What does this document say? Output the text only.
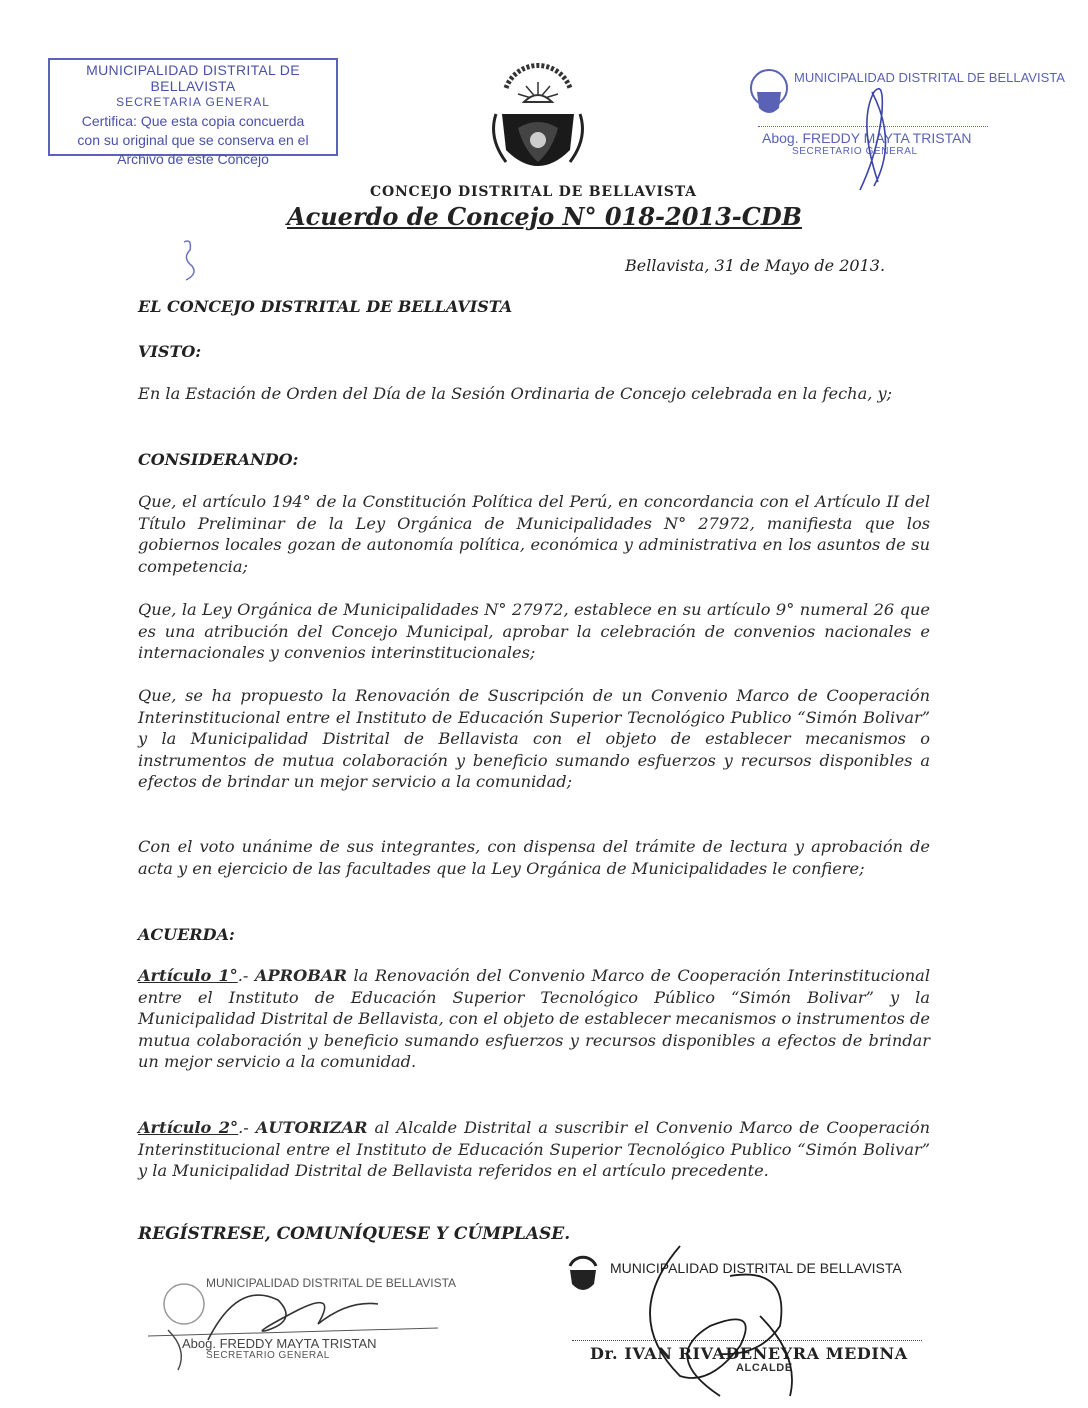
MUNICIPALIDAD DISTRITAL DE BELLAVISTA
SECRETARIA GENERAL
Certifica: Que esta copia concuerda
con su original que se conserva en el
Archivo de este Concejo
MUNICIPALIDAD DISTRITAL DE BELLAVISTA
Abog. FREDDY MAYTA TRISTAN
SECRETARIO GENERAL
CONCEJO DISTRITAL DE BELLAVISTA
Acuerdo de Concejo N° 018-2013-CDB
Bellavista, 31 de Mayo de 2013.
EL CONCEJO DISTRITAL DE BELLAVISTA
VISTO:
En la Estación de Orden del Día de la Sesión Ordinaria de Concejo celebrada en la fecha, y;
CONSIDERANDO:
Que, el artículo 194° de la Constitución Política del Perú, en concordancia con el Artículo II del Título Preliminar de la Ley Orgánica de Municipalidades N° 27972, manifiesta que los gobiernos locales gozan de autonomía política, económica y administrativa en los asuntos de su competencia;
Que, la Ley Orgánica de Municipalidades N° 27972, establece en su artículo 9° numeral 26 que es una atribución del Concejo Municipal, aprobar la celebración de convenios nacionales e internacionales y convenios interinstitucionales;
Que, se ha propuesto la Renovación de Suscripción de un Convenio Marco de Cooperación Interinstitucional entre el Instituto de Educación Superior Tecnológico Publico “Simón Bolivar” y la Municipalidad Distrital de Bellavista con el objeto de establecer mecanismos o instrumentos de mutua colaboración y beneficio sumando esfuerzos y recursos disponibles a efectos de brindar un mejor servicio a la comunidad;
Con el voto unánime de sus integrantes, con dispensa del trámite de lectura y aprobación de acta y en ejercicio de las facultades que la Ley Orgánica de Municipalidades le confiere;
ACUERDA:
Artículo 1°.- APROBAR la Renovación del Convenio Marco de Cooperación Interinstitucional entre el Instituto de Educación Superior Tecnológico Público “Simón Bolivar” y la Municipalidad Distrital de Bellavista, con el objeto de establecer mecanismos o instrumentos de mutua colaboración y beneficio sumando esfuerzos y recursos disponibles a efectos de brindar un mejor servicio a la comunidad.
Artículo 2°.- AUTORIZAR al Alcalde Distrital a suscribir el Convenio Marco de Cooperación Interinstitucional entre el Instituto de Educación Superior Tecnológico Publico “Simón Bolivar” y la Municipalidad Distrital de Bellavista referidos en el artículo precedente.
REGÍSTRESE, COMUNÍQUESE Y CÚMPLASE.
MUNICIPALIDAD DISTRITAL DE BELLAVISTA
Abog. FREDDY MAYTA TRISTAN
SECRETARIO GENERAL
MUNICIPALIDAD DISTRITAL DE BELLAVISTA
Dr. IVAN RIVADENEYRA MEDINA
ALCALDE
